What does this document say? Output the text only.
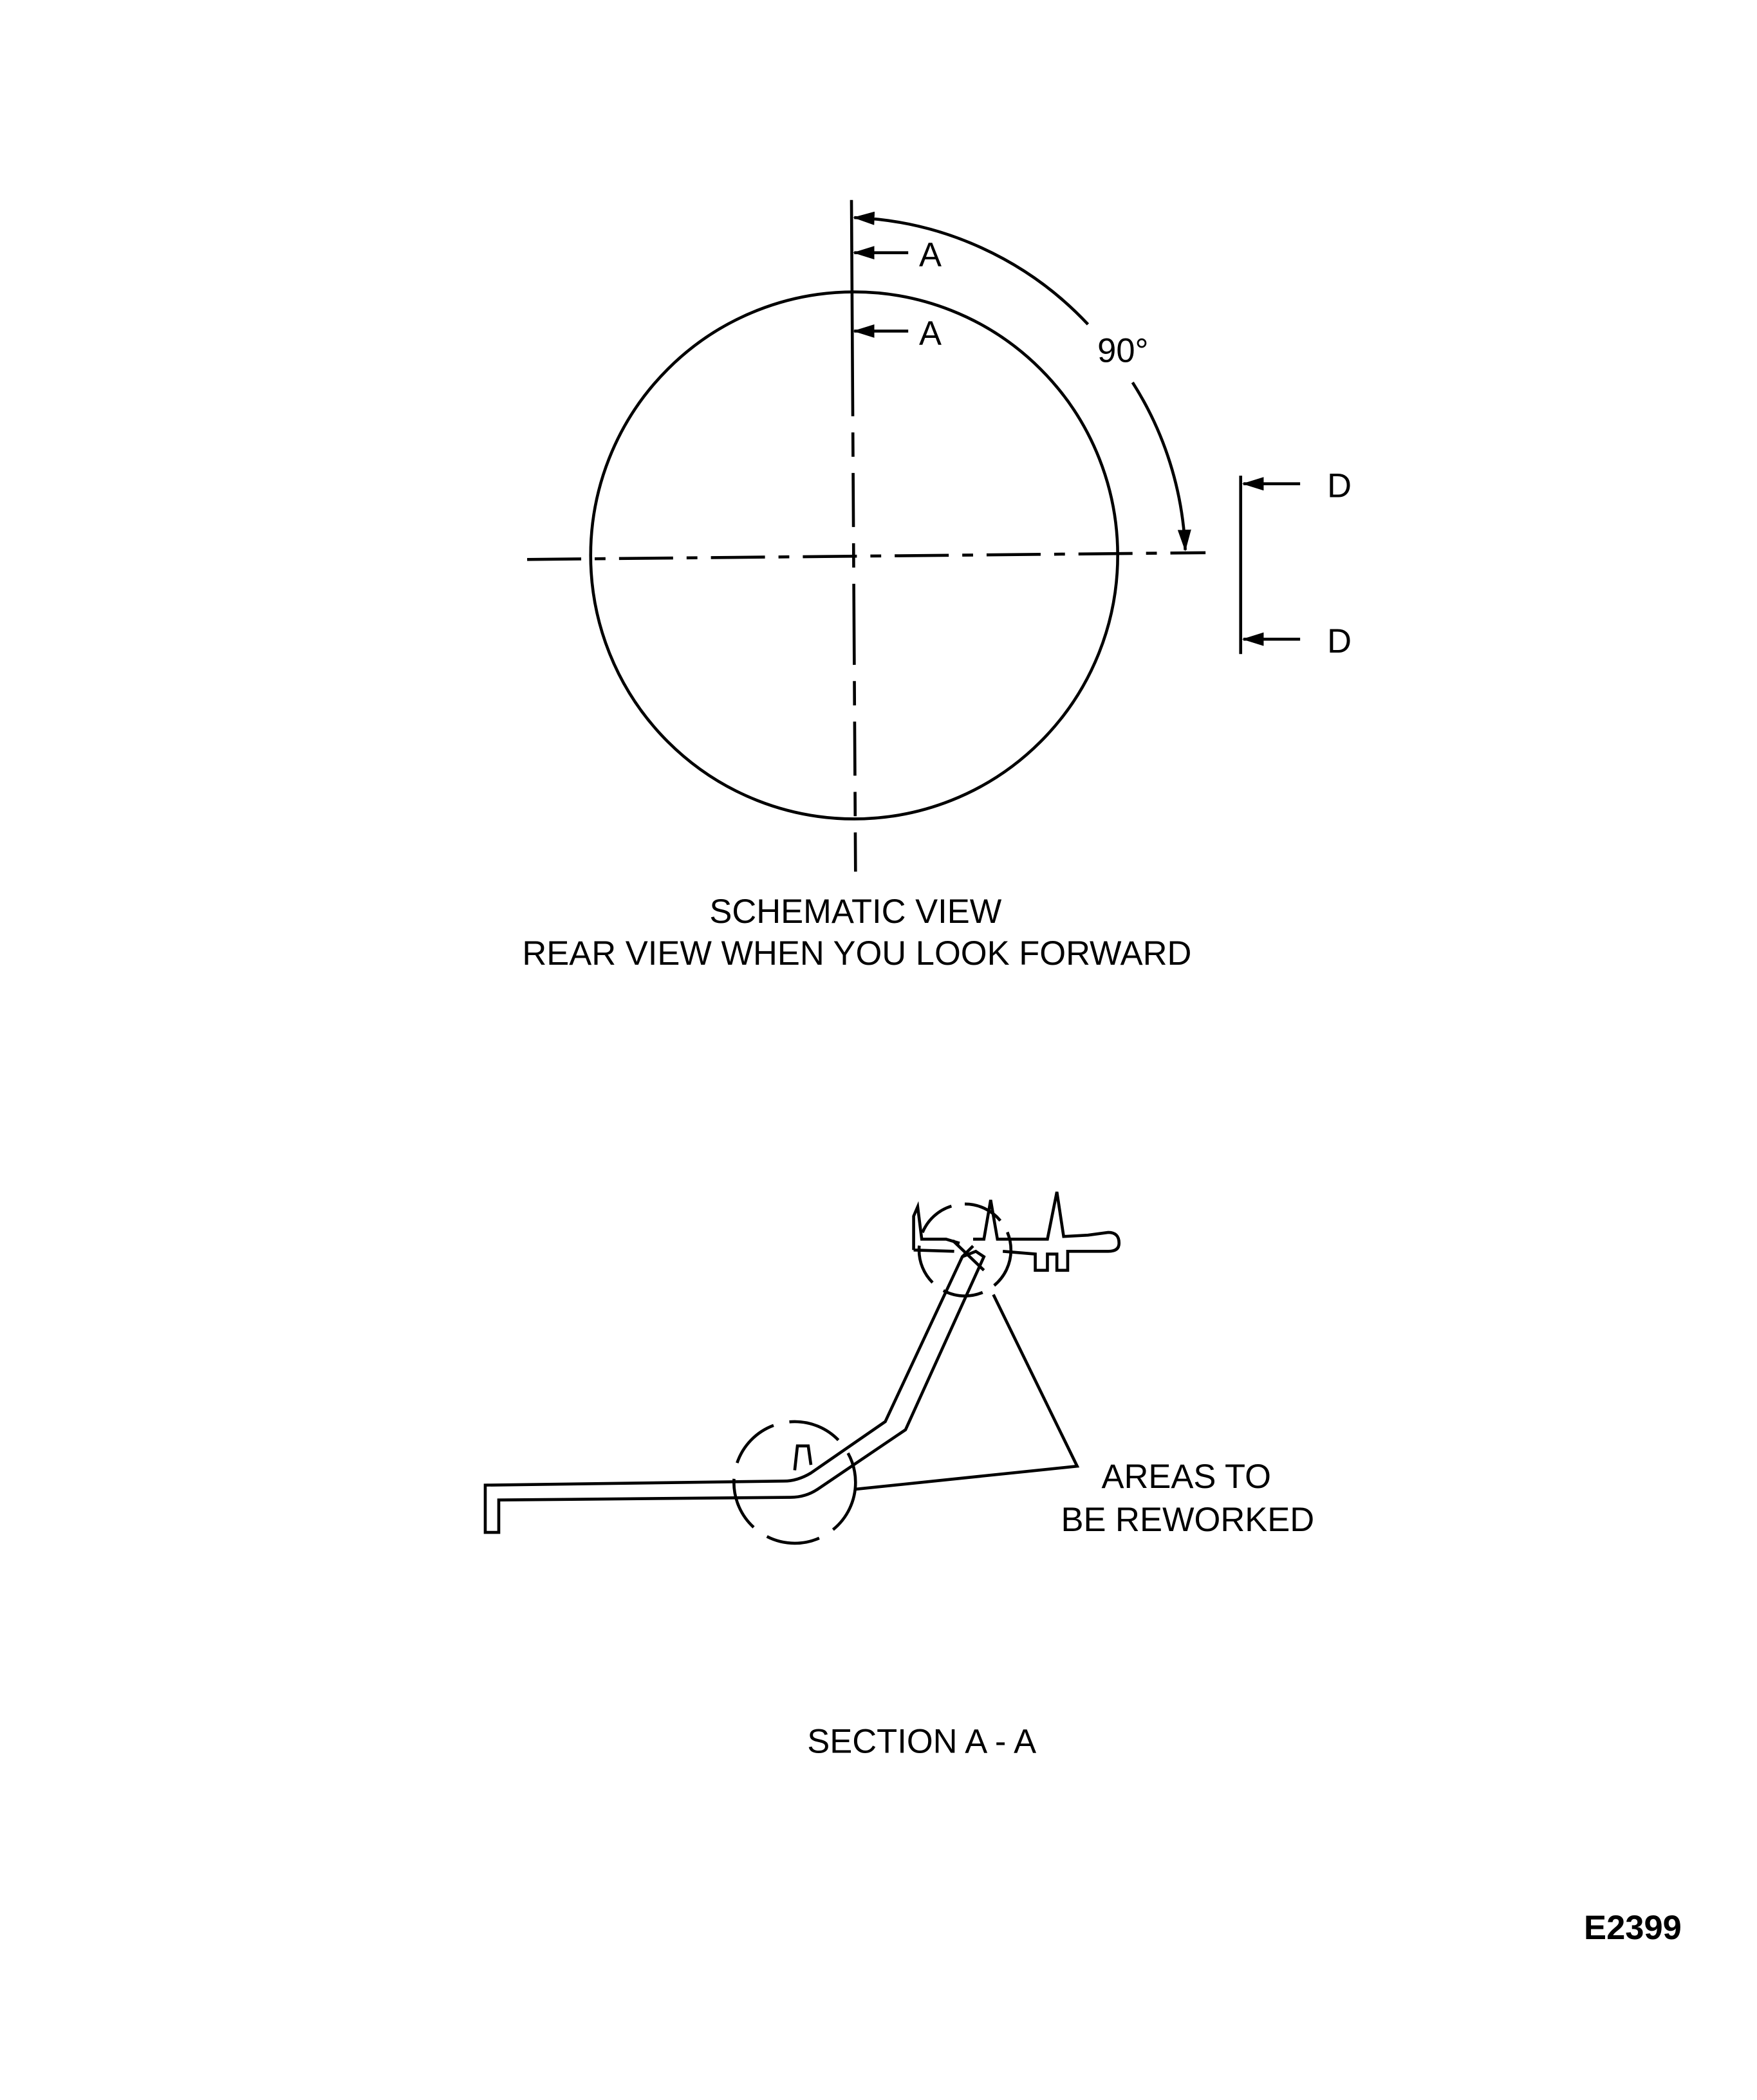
A
A	90°
D
D
SCHEMATIC VIEW
REAR VIEW WHEN YOU LOOK FORWARD
AREAS TO
BE REWORKED
SECTION A - A
E2399
